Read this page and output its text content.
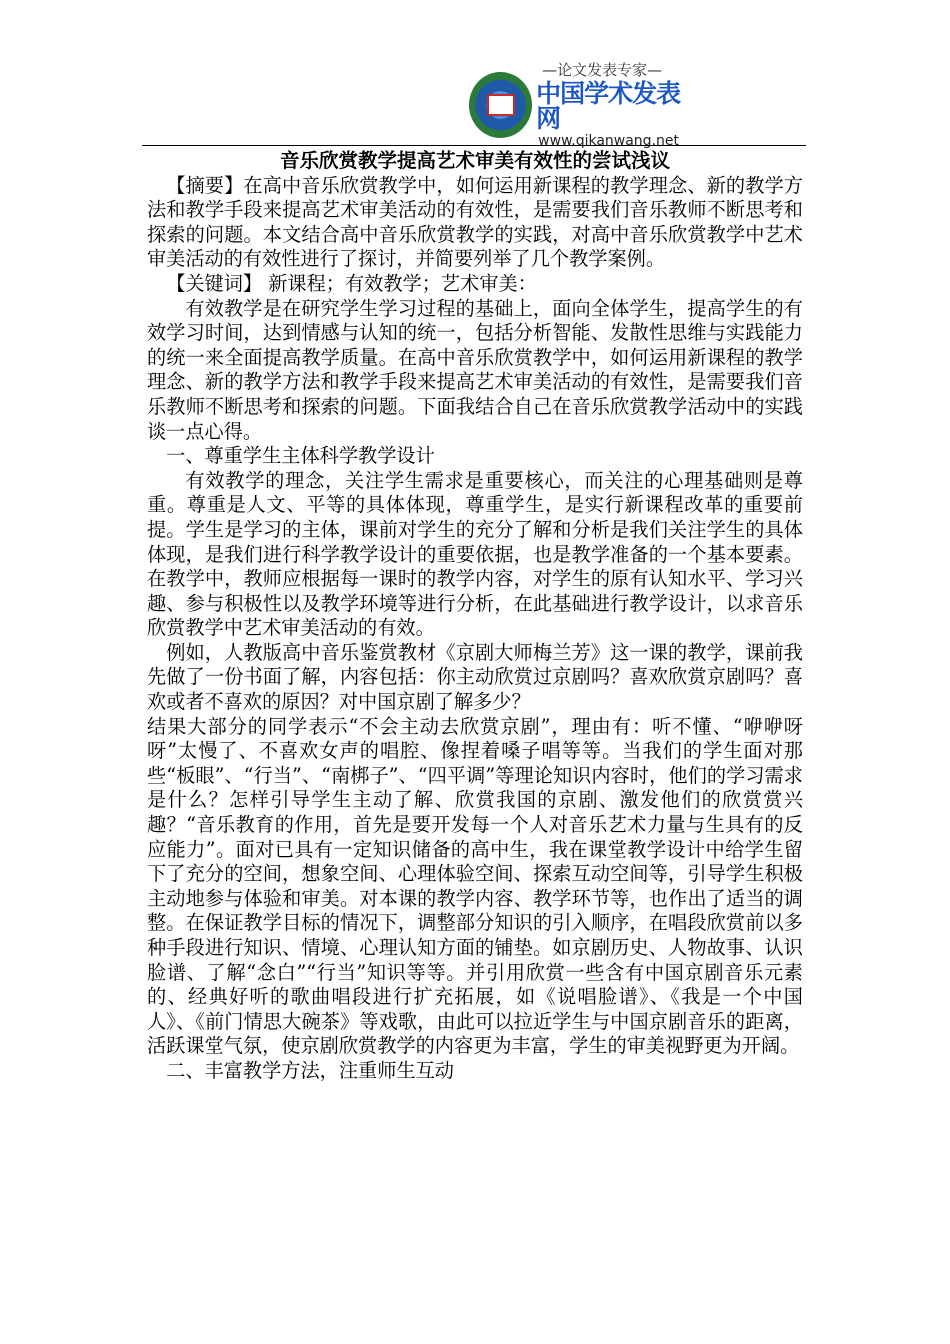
—论文发表专家—
中国学术发表网
www.qikanwang.net

音乐欣赏教学提高艺术审美有效性的尝试浅议

【摘要】在高中音乐欣赏教学中，如何运用新课程的教学理念、新的教学方法和教学手段来提高艺术审美活动的有效性，是需要我们音乐教师不断思考和探索的问题。本文结合高中音乐欣赏教学的实践，对高中音乐欣赏教学中艺术审美活动的有效性进行了探讨，并简要列举了几个教学案例。

【关键词】 新课程；有效教学；艺术审美：

有效教学是在研究学生学习过程的基础上，面向全体学生，提高学生的有效学习时间，达到情感与认知的统一，包括分析智能、发散性思维与实践能力的统一来全面提高教学质量。在高中音乐欣赏教学中，如何运用新课程的教学理念、新的教学方法和教学手段来提高艺术审美活动的有效性，是需要我们音乐教师不断思考和探索的问题。下面我结合自己在音乐欣赏教学活动中的实践谈一点心得。

一、尊重学生主体科学教学设计

有效教学的理念，关注学生需求是重要核心，而关注的心理基础则是尊重。尊重是人文、平等的具体体现，尊重学生，是实行新课程改革的重要前提。学生是学习的主体，课前对学生的充分了解和分析是我们关注学生的具体体现，是我们进行科学教学设计的重要依据，也是教学准备的一个基本要素。在教学中，教师应根据每一课时的教学内容，对学生的原有认知水平、学习兴趣、参与积极性以及教学环境等进行分析，在此基础进行教学设计，以求音乐欣赏教学中艺术审美活动的有效。

例如，人教版高中音乐鉴赏教材《京剧大师梅兰芳》这一课的教学，课前我先做了一份书面了解，内容包括：你主动欣赏过京剧吗？喜欢欣赏京剧吗？喜欢或者不喜欢的原因？对中国京剧了解多少？

结果大部分的同学表示“不会主动去欣赏京剧”，理由有：听不懂、“咿咿呀呀”太慢了、不喜欢女声的唱腔、像捏着嗓子唱等等。当我们的学生面对那些“板眼”、“行当”、“南梆子”、“四平调”等理论知识内容时，他们的学习需求是什么？怎样引导学生主动了解、欣赏我国的京剧、激发他们的欣赏赏兴趣？“音乐教育的作用，首先是要开发每一个人对音乐艺术力量与生具有的反应能力”。面对已具有一定知识储备的高中生，我在课堂教学设计中给学生留下了充分的空间，想象空间、心理体验空间、探索互动空间等，引导学生积极主动地参与体验和审美。对本课的教学内容、教学环节等，也作出了适当的调整。在保证教学目标的情况下，调整部分知识的引入顺序，在唱段欣赏前以多种手段进行知识、情境、心理认知方面的铺垫。如京剧历史、人物故事、认识脸谱、了解“念白”“行当”知识等等。并引用欣赏一些含有中国京剧音乐元素的、经典好听的歌曲唱段进行扩充拓展，如《说唱脸谱》、《我是一个中国人》、《前门情思大碗茶》等戏歌，由此可以拉近学生与中国京剧音乐的距离，活跃课堂气氛，使京剧欣赏教学的内容更为丰富，学生的审美视野更为开阔。

二、丰富教学方法，注重师生互动
